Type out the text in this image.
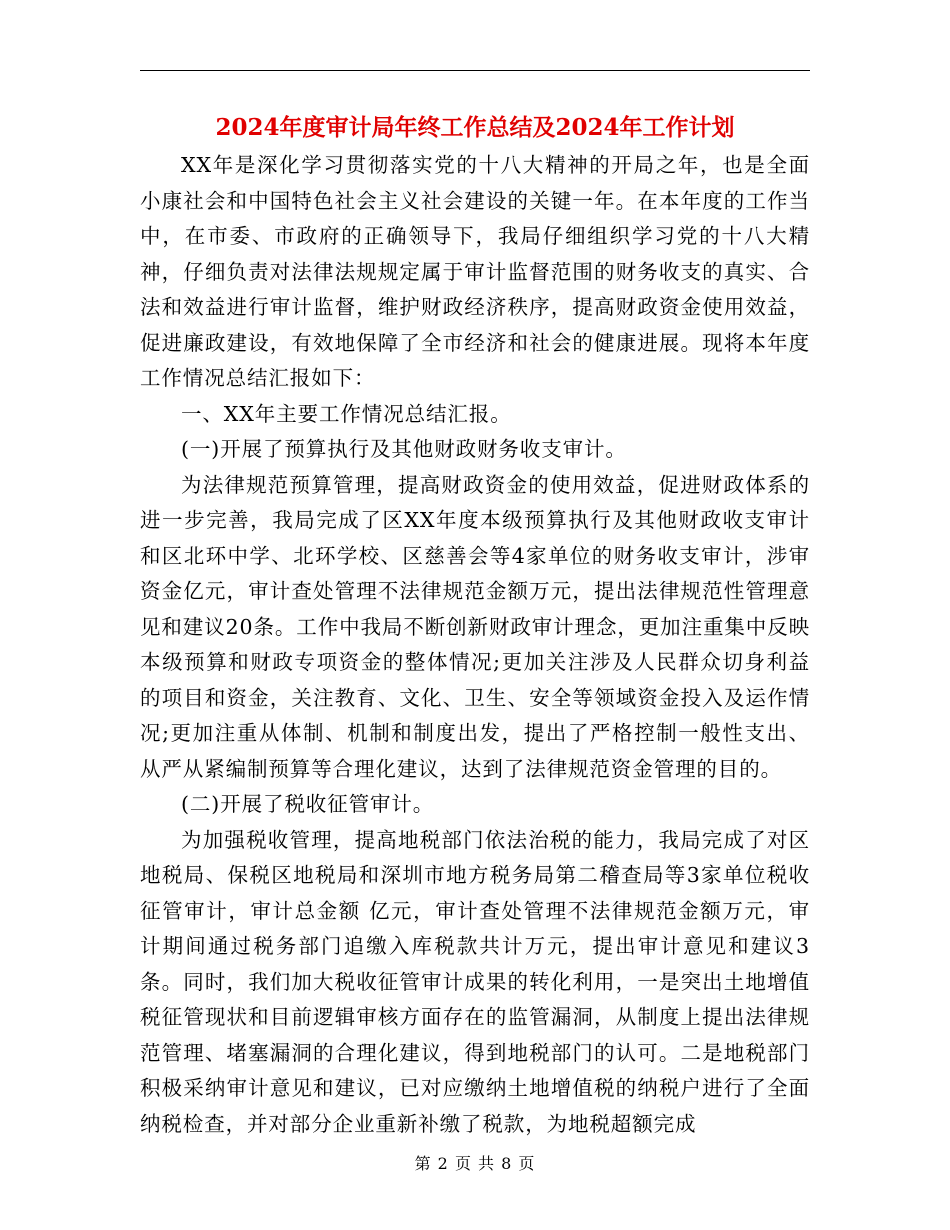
2024年度审计局年终工作总结及2024年工作计划

XX年是深化学习贯彻落实党的十八大精神的开局之年，也是全面小康社会和中国特色社会主义社会建设的关键一年。在本年度的工作当中，在市委、市政府的正确领导下，我局仔细组织学习党的十八大精神，仔细负责对法律法规规定属于审计监督范围的财务收支的真实、合法和效益进行审计监督，维护财政经济秩序，提高财政资金使用效益，促进廉政建设，有效地保障了全市经济和社会的健康进展。现将本年度工作情况总结汇报如下：

一、XX年主要工作情况总结汇报。

(一)开展了预算执行及其他财政财务收支审计。

为法律规范预算管理，提高财政资金的使用效益，促进财政体系的进一步完善，我局完成了区XX年度本级预算执行及其他财政收支审计和区北环中学、北环学校、区慈善会等4家单位的财务收支审计，涉审资金亿元，审计查处管理不法律规范金额万元，提出法律规范性管理意见和建议20条。工作中我局不断创新财政审计理念，更加注重集中反映本级预算和财政专项资金的整体情况;更加关注涉及人民群众切身利益的项目和资金，关注教育、文化、卫生、安全等领域资金投入及运作情况;更加注重从体制、机制和制度出发，提出了严格控制一般性支出、从严从紧编制预算等合理化建议，达到了法律规范资金管理的目的。

(二)开展了税收征管审计。

为加强税收管理，提高地税部门依法治税的能力，我局完成了对区地税局、保税区地税局和深圳市地方税务局第二稽查局等3家单位税收征管审计，审计总金额 亿元，审计查处管理不法律规范金额万元，审计期间通过税务部门追缴入库税款共计万元，提出审计意见和建议3条。同时，我们加大税收征管审计成果的转化利用，一是突出土地增值税征管现状和目前逻辑审核方面存在的监管漏洞，从制度上提出法律规范管理、堵塞漏洞的合理化建议，得到地税部门的认可。二是地税部门积极采纳审计意见和建议，已对应缴纳土地增值税的纳税户进行了全面纳税检查，并对部分企业重新补缴了税款，为地税超额完成

第 2 页 共 8 页
